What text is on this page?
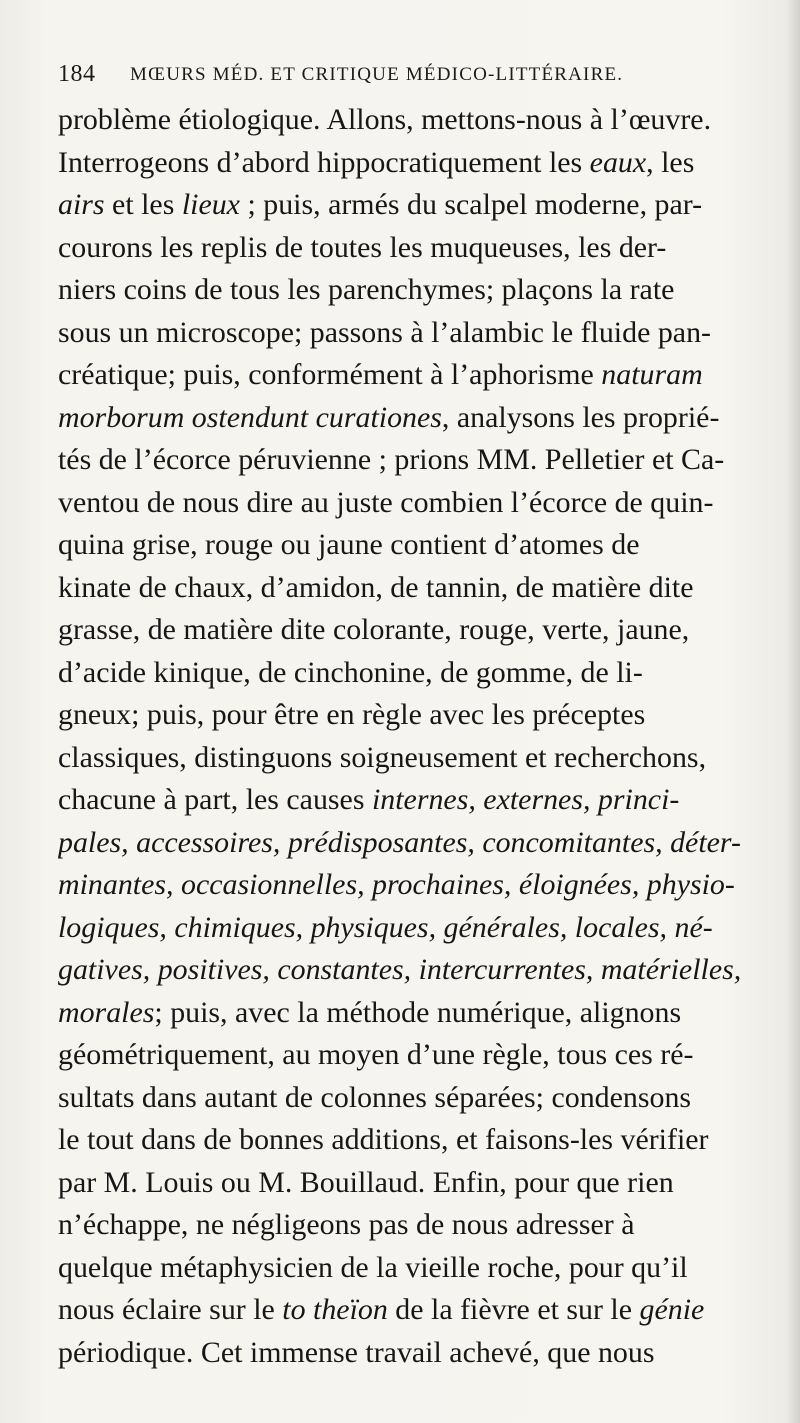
184 MŒURS MÉD. ET CRITIQUE MÉDICO-LITTÉRAIRE.
problème étiologique. Allons, mettons-nous à l’œuvre.
Interrogeons d’abord hippocratiquement les eaux, les
airs et les lieux ; puis, armés du scalpel moderne, par-
courons les replis de toutes les muqueuses, les der-
niers coins de tous les parenchymes; plaçons la rate
sous un microscope; passons à l’alambic le fluide pan-
créatique; puis, conformément à l’aphorisme naturam
morborum ostendunt curationes, analysons les proprié-
tés de l’écorce péruvienne ; prions MM. Pelletier et Ca-
ventou de nous dire au juste combien l’écorce de quin-
quina grise, rouge ou jaune contient d’atomes de
kinate de chaux, d’amidon, de tannin, de matière dite
grasse, de matière dite colorante, rouge, verte, jaune,
d’acide kinique, de cinchonine, de gomme, de li-
gneux; puis, pour être en règle avec les préceptes
classiques, distinguons soigneusement et recherchons,
chacune à part, les causes internes, externes, princi-
pales, accessoires, prédisposantes, concomitantes, déter-
minantes, occasionnelles, prochaines, éloignées, physio-
logiques, chimiques, physiques, générales, locales, né-
gatives, positives, constantes, intercurrentes, matérielles,
morales; puis, avec la méthode numérique, alignons
géométriquement, au moyen d’une règle, tous ces ré-
sultats dans autant de colonnes séparées; condensons
le tout dans de bonnes additions, et faisons-les vérifier
par M. Louis ou M. Bouillaud. Enfin, pour que rien
n’échappe, ne négligeons pas de nous adresser à
quelque métaphysicien de la vieille roche, pour qu’il
nous éclaire sur le to theïon de la fièvre et sur le génie
périodique. Cet immense travail achevé, que nous
